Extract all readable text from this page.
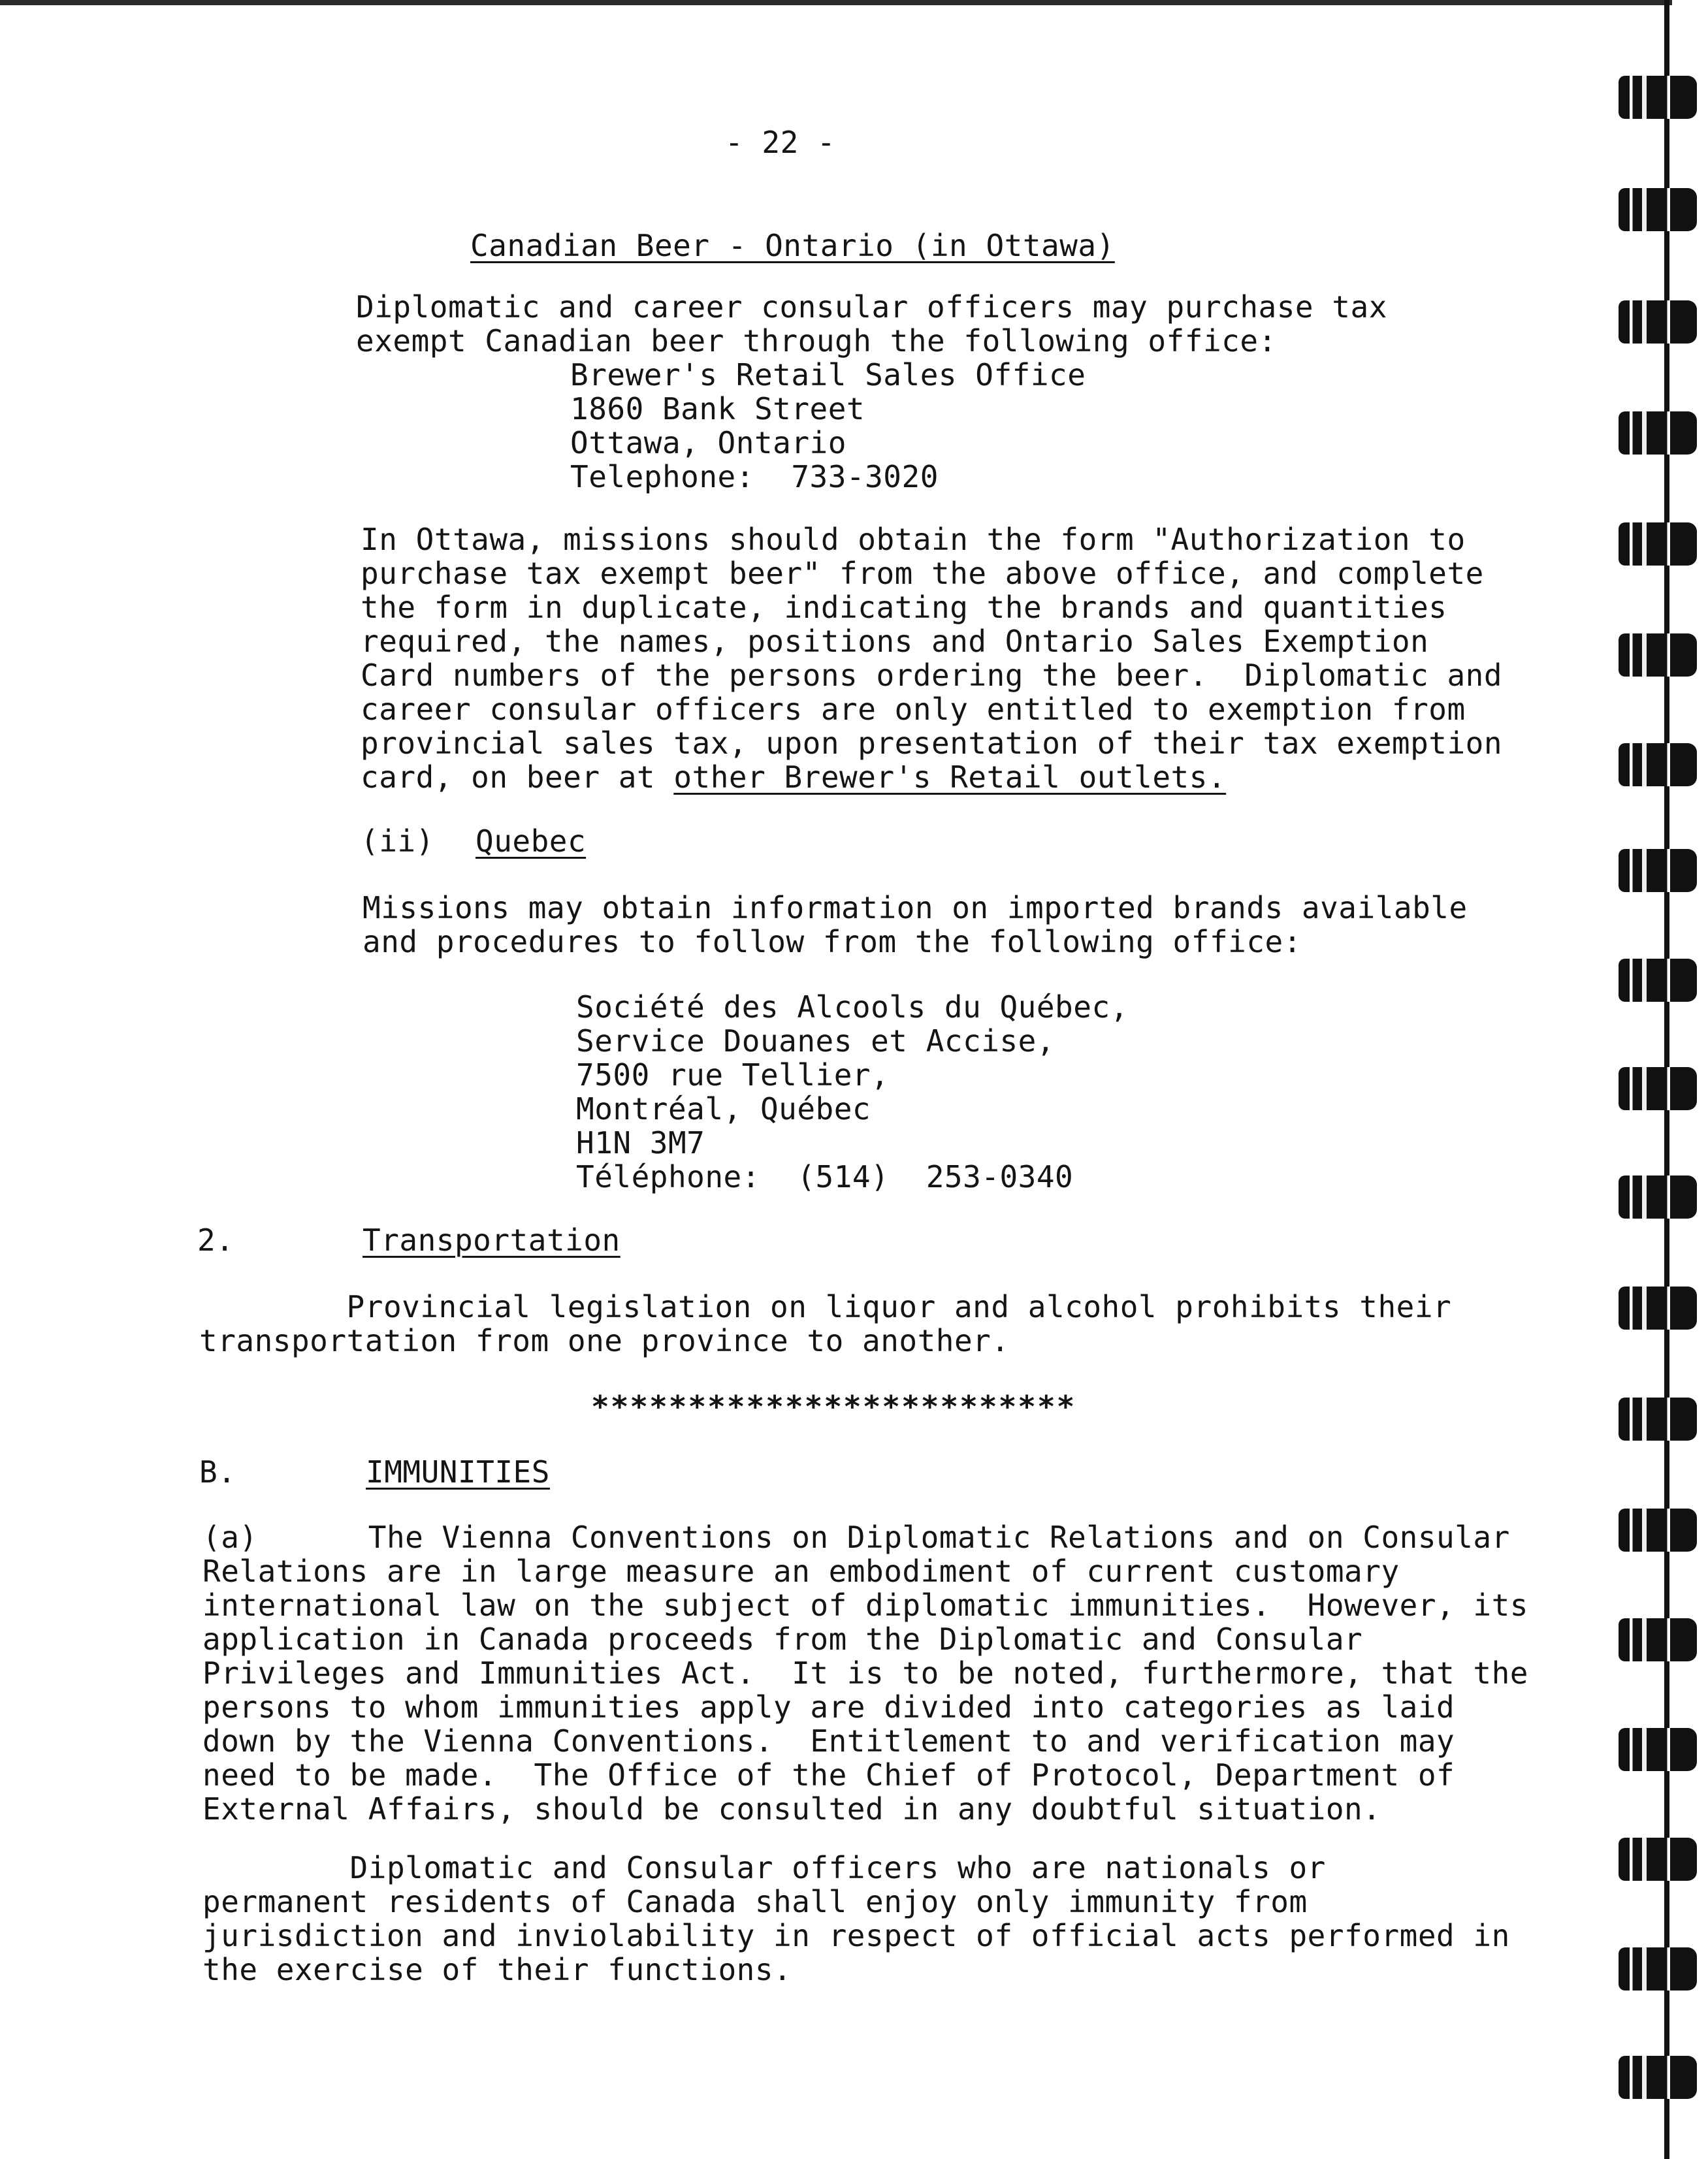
- 22 -
Canadian Beer - Ontario (in Ottawa)
Diplomatic and career consular officers may purchase tax
exempt Canadian beer through the following office:
Brewer's Retail Sales Office
1860 Bank Street
Ottawa, Ontario
Telephone:  733-3020
In Ottawa, missions should obtain the form "Authorization to
purchase tax exempt beer" from the above office, and complete
the form in duplicate, indicating the brands and quantities
required, the names, positions and Ontario Sales Exemption
Card numbers of the persons ordering the beer.  Diplomatic and
career consular officers are only entitled to exemption from
provincial sales tax, upon presentation of their tax exemption
card, on beer at other Brewer's Retail outlets.
(ii) Quebec
Missions may obtain information on imported brands available
and procedures to follow from the following office:
Société des Alcools du Québec,
Service Douanes et Accise,
7500 rue Tellier,
Montréal, Québec
H1N 3M7
Téléphone:  (514)  253-0340
2.	Transportation
Provincial legislation on liquor and alcohol prohibits their
transportation from one province to another.
*************************
B.	IMMUNITIES
(a)      The Vienna Conventions on Diplomatic Relations and on Consular
Relations are in large measure an embodiment of current customary
international law on the subject of diplomatic immunities.  However, its
application in Canada proceeds from the Diplomatic and Consular
Privileges and Immunities Act.  It is to be noted, furthermore, that the
persons to whom immunities apply are divided into categories as laid
down by the Vienna Conventions.  Entitlement to and verification may
need to be made.  The Office of the Chief of Protocol, Department of
External Affairs, should be consulted in any doubtful situation.
Diplomatic and Consular officers who are nationals or
permanent residents of Canada shall enjoy only immunity from
jurisdiction and inviolability in respect of official acts performed in
the exercise of their functions.
